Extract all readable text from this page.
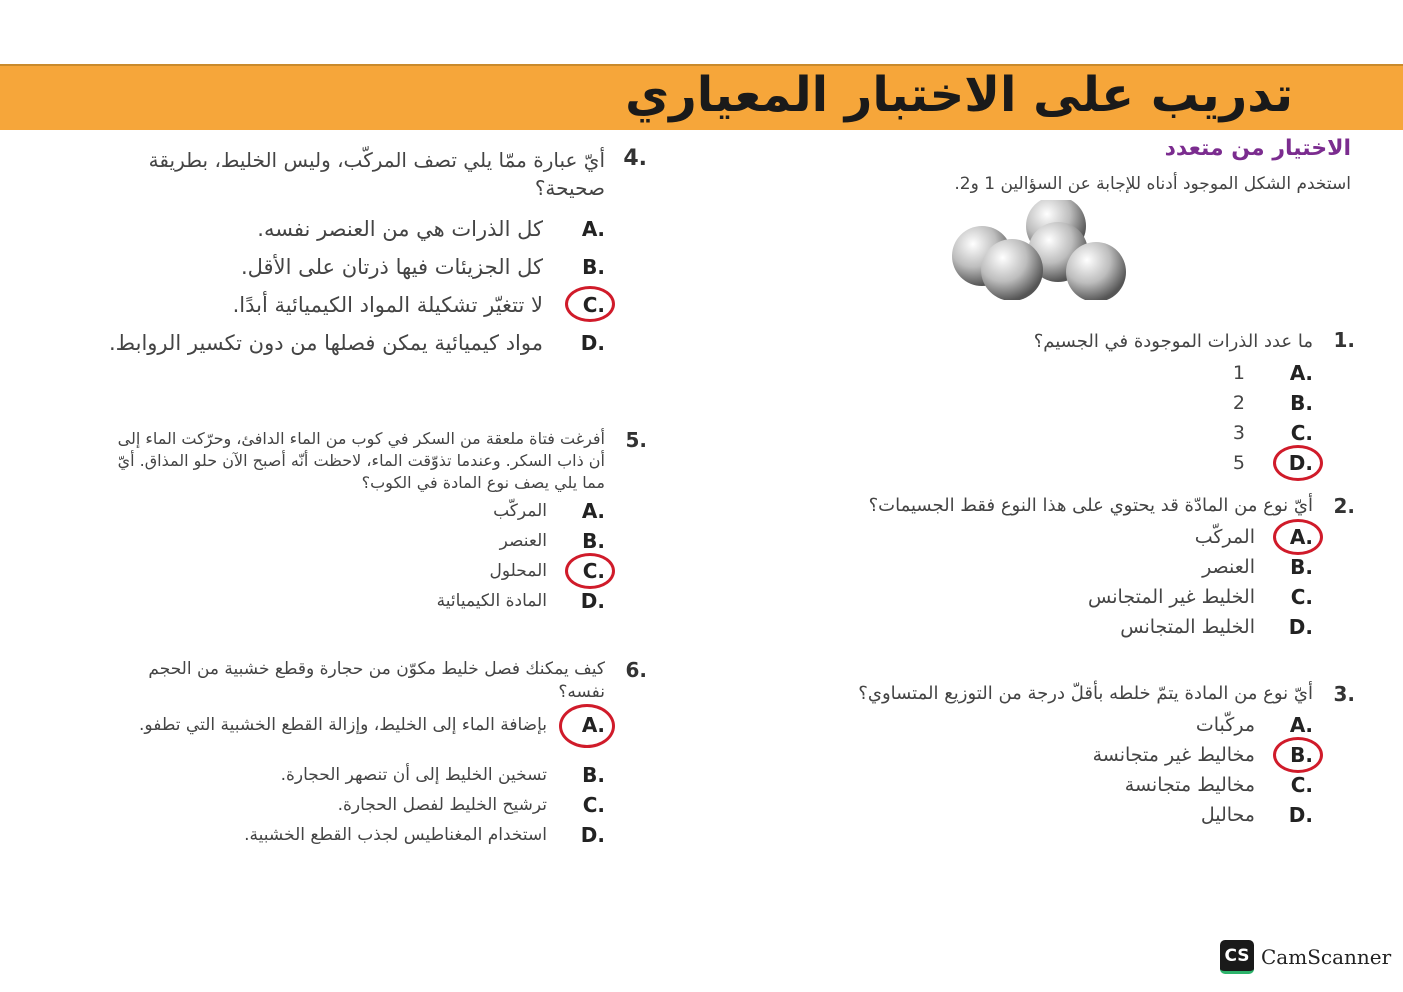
تدريب على الاختبار المعياري
الاختيار من متعدد
استخدم الشكل الموجود أدناه للإجابة عن السؤالين 1 و2.
.1
ما عدد الذرات الموجودة في الجسيم؟
.A
1
.B
2
.C
3
.D
5
.2
أيّ نوع من المادّة قد يحتوي على هذا النوع فقط الجسيمات؟
.A
المركّب
.B
العنصر
.C
الخليط غير المتجانس
.D
الخليط المتجانس
.3
أيّ نوع من المادة يتمّ خلطه بأقلّ درجة من التوزيع المتساوي؟
.A
مركّبات
.B
مخاليط غير متجانسة
.C
مخاليط متجانسة
.D
محاليل
.4
أيّ عبارة ممّا يلي تصف المركّب، وليس الخليط، بطريقة صحيحة؟
.A
كل الذرات هي من العنصر نفسه.
.B
كل الجزيئات فيها ذرتان على الأقل.
.C
لا تتغيّر تشكيلة المواد الكيميائية أبدًا.
.D
مواد كيميائية يمكن فصلها من دون تكسير الروابط.
.5
أفرغت فتاة ملعقة من السكر في كوب من الماء الدافئ، وحرّكت الماء إلى أن ذاب السكر. وعندما تذوّقت الماء، لاحظت أنّه أصبح الآن حلو المذاق. أيّ مما يلي يصف نوع المادة في الكوب؟
.A
المركّب
.B
العنصر
.C
المحلول
.D
المادة الكيميائية
.6
كيف يمكنك فصل خليط مكوّن من حجارة وقطع خشبية من الحجم نفسه؟
.A
بإضافة الماء إلى الخليط، وإزالة القطع الخشبية التي تطفو.
.B
تسخين الخليط إلى أن تنصهر الحجارة.
.C
ترشيح الخليط لفصل الحجارة.
.D
استخدام المغناطيس لجذب القطع الخشبية.
CS CamScanner
